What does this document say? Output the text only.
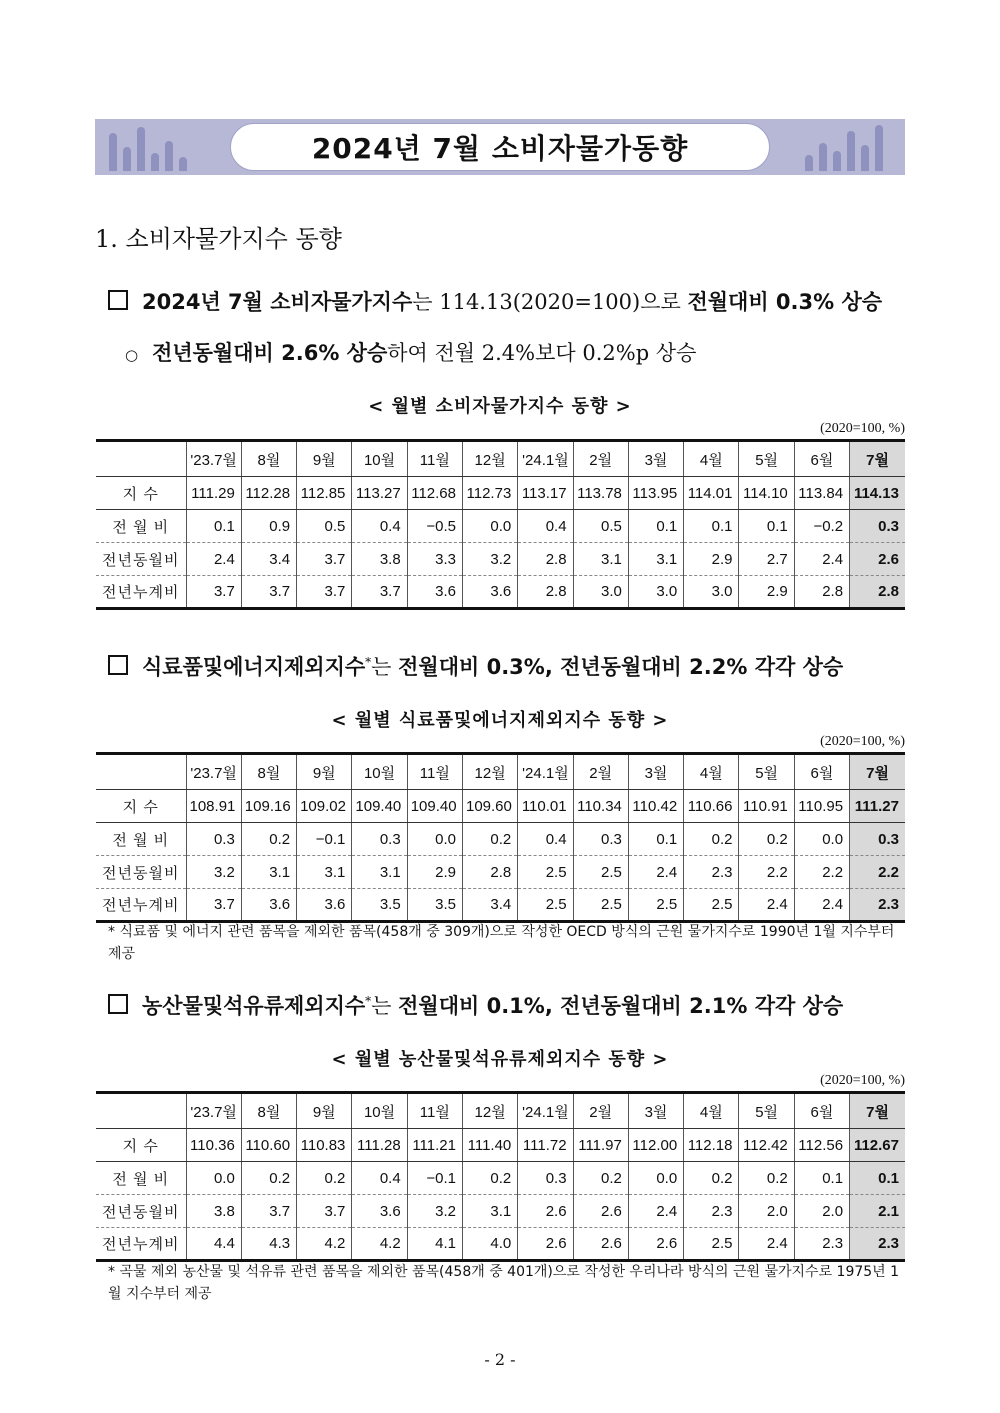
2024년 7월 소비자물가동향
1. 소비자물가지수 동향
2024년 7월 소비자물가지수는 114.13(2020=100)으로 전월대비 0.3% 상승
○ 전년동월대비 2.6% 상승하여 전월 2.4%보다 0.2%p 상승
< 월별 소비자물가지수 동향 >
(2020=100, %)
	'23.7월	8월	9월	10월	11월	12월	'24.1월	2월	3월	4월	5월	6월	7월
지 수	111.29	112.28	112.85	113.27	112.68	112.73	113.17	113.78	113.95	114.01	114.10	113.84	114.13
전 월 비	0.1	0.9	0.5	0.4	−0.5	0.0	0.4	0.5	0.1	0.1	0.1	−0.2	0.3
전년동월비	2.4	3.4	3.7	3.8	3.3	3.2	2.8	3.1	3.1	2.9	2.7	2.4	2.6
전년누계비	3.7	3.7	3.7	3.7	3.6	3.6	2.8	3.0	3.0	3.0	2.9	2.8	2.8
식료품및에너지제외지수*는 전월대비 0.3%, 전년동월대비 2.2% 각각 상승
< 월별 식료품및에너지제외지수 동향 >
(2020=100, %)
	'23.7월	8월	9월	10월	11월	12월	'24.1월	2월	3월	4월	5월	6월	7월
지 수	108.91	109.16	109.02	109.40	109.40	109.60	110.01	110.34	110.42	110.66	110.91	110.95	111.27
전 월 비	0.3	0.2	−0.1	0.3	0.0	0.2	0.4	0.3	0.1	0.2	0.2	0.0	0.3
전년동월비	3.2	3.1	3.1	3.1	2.9	2.8	2.5	2.5	2.4	2.3	2.2	2.2	2.2
전년누계비	3.7	3.6	3.6	3.5	3.5	3.4	2.5	2.5	2.5	2.5	2.4	2.4	2.3
* 식료품 및 에너지 관련 품목을 제외한 품목(458개 중 309개)으로 작성한 OECD 방식의 근원 물가지수로 1990년 1월 지수부터 제공
농산물및석유류제외지수*는 전월대비 0.1%, 전년동월대비 2.1% 각각 상승
< 월별 농산물및석유류제외지수 동향 >
(2020=100, %)
	'23.7월	8월	9월	10월	11월	12월	'24.1월	2월	3월	4월	5월	6월	7월
지 수	110.36	110.60	110.83	111.28	111.21	111.40	111.72	111.97	112.00	112.18	112.42	112.56	112.67
전 월 비	0.0	0.2	0.2	0.4	−0.1	0.2	0.3	0.2	0.0	0.2	0.2	0.1	0.1
전년동월비	3.8	3.7	3.7	3.6	3.2	3.1	2.6	2.6	2.4	2.3	2.0	2.0	2.1
전년누계비	4.4	4.3	4.2	4.2	4.1	4.0	2.6	2.6	2.6	2.5	2.4	2.3	2.3
* 곡물 제외 농산물 및 석유류 관련 품목을 제외한 품목(458개 중 401개)으로 작성한 우리나라 방식의 근원 물가지수로 1975년 1월 지수부터 제공
- 2 -
